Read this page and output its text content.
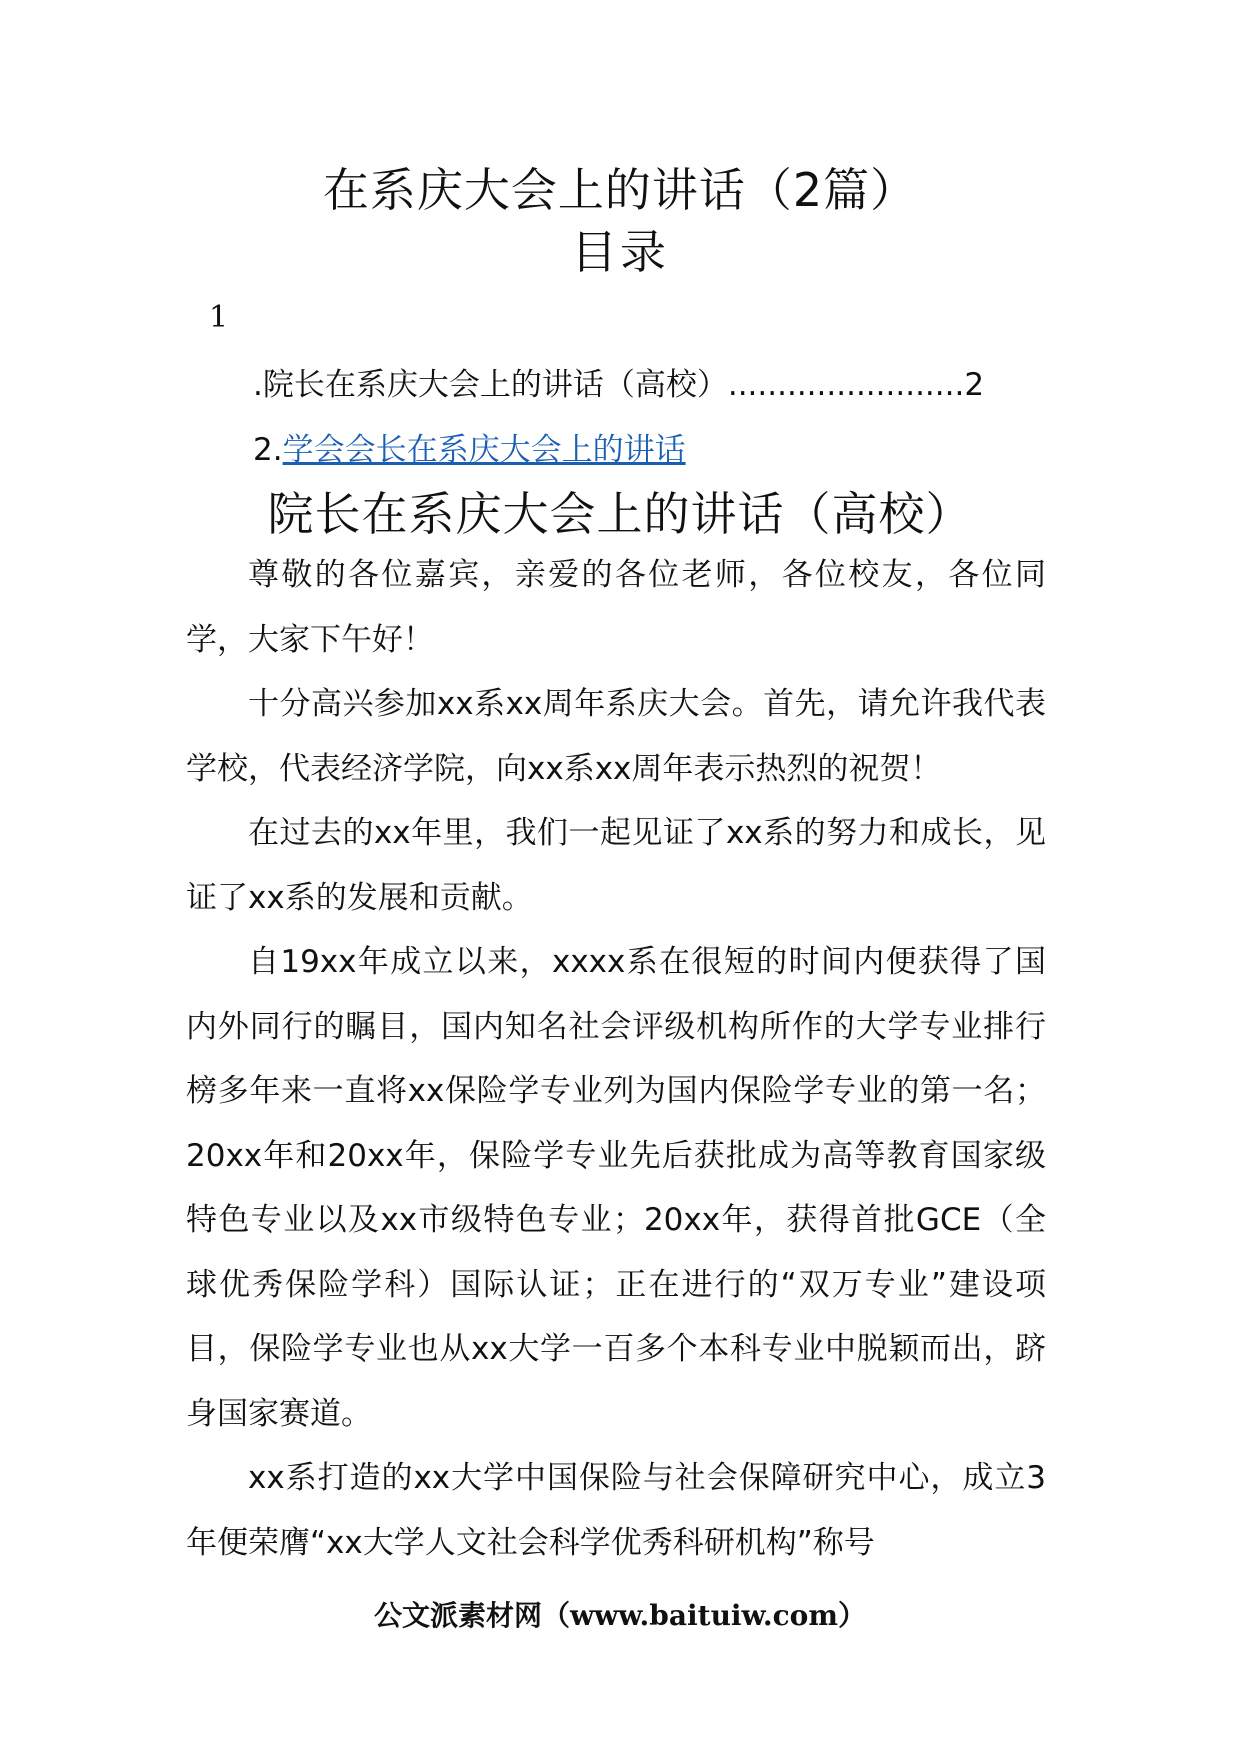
在系庆大会上的讲话（2篇）
目录
1
.院长在系庆大会上的讲话（高校）........................2
2.学会会长在系庆大会上的讲话
院长在系庆大会上的讲话（高校）

尊敬的各位嘉宾，亲爱的各位老师，各位校友，各位同学，大家下午好！

十分高兴参加xx系xx周年系庆大会。首先，请允许我代表学校，代表经济学院，向xx系xx周年表示热烈的祝贺！

在过去的xx年里，我们一起见证了xx系的努力和成长，见证了xx系的发展和贡献。

自19xx年成立以来，xxxx系在很短的时间内便获得了国内外同行的瞩目，国内知名社会评级机构所作的大学专业排行榜多年来一直将xx保险学专业列为国内保险学专业的第一名；20xx年和20xx年，保险学专业先后获批成为高等教育国家级特色专业以及xx市级特色专业；20xx年，获得首批GCE（全球优秀保险学科）国际认证；正在进行的“双万专业”建设项目，保险学专业也从xx大学一百多个本科专业中脱颖而出，跻身国家赛道。

xx系打造的xx大学中国保险与社会保障研究中心，成立3年便荣膺“xx大学人文社会科学优秀科研机构”称号

公文派素材网（www.baituiw.com）
